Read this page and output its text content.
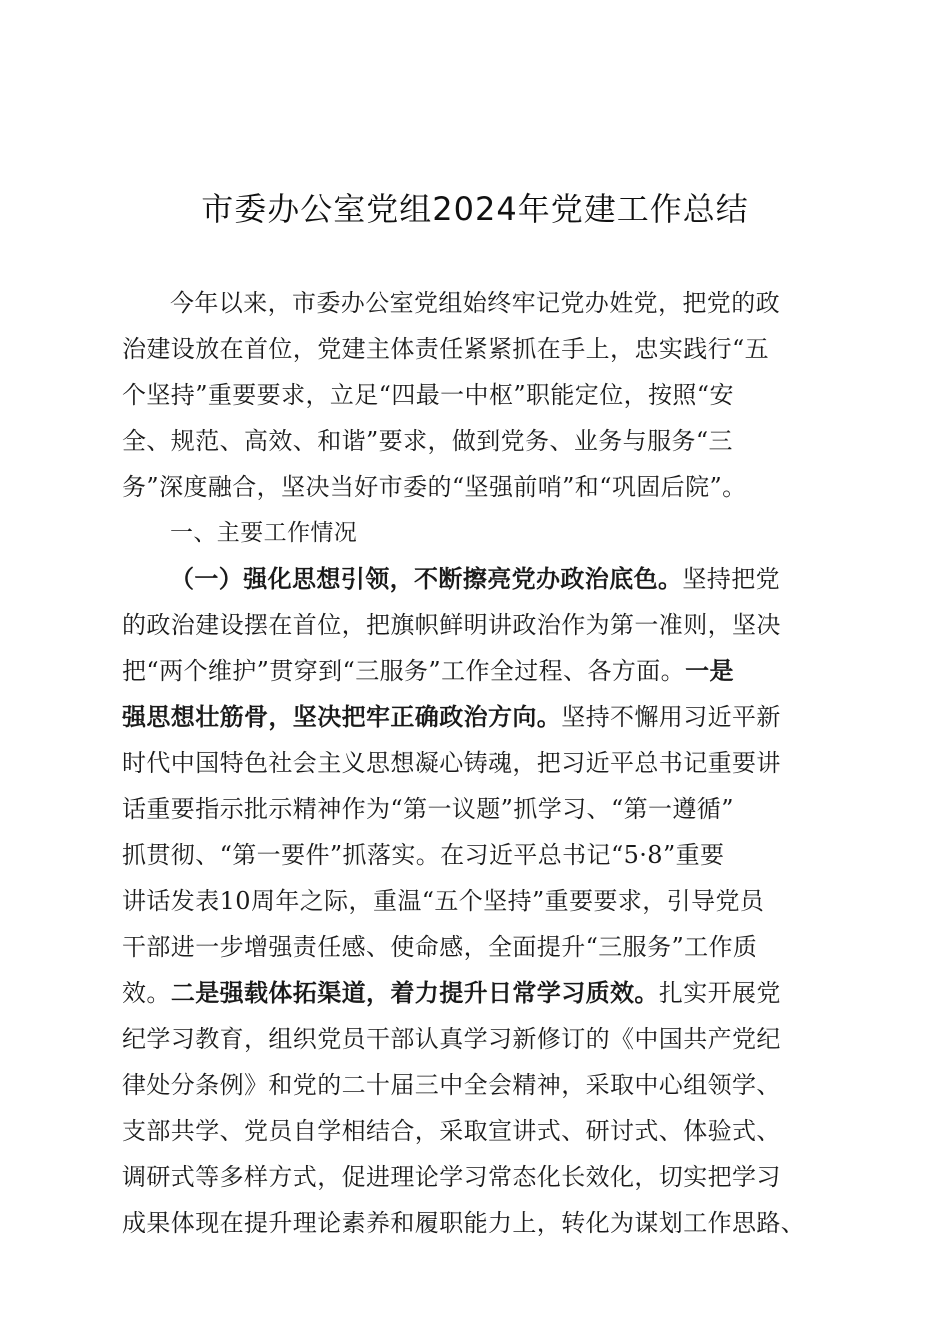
市委办公室党组2024年党建工作总结
今年以来，市委办公室党组始终牢记党办姓党，把党的政
治建设放在首位，党建主体责任紧紧抓在手上，忠实践行“五
个坚持”重要要求，立足“四最一中枢”职能定位，按照“安
全、规范、高效、和谐”要求，做到党务、业务与服务“三
务”深度融合，坚决当好市委的“坚强前哨”和“巩固后院”。
一、主要工作情况
（一）强化思想引领，不断擦亮党办政治底色。坚持把党
的政治建设摆在首位，把旗帜鲜明讲政治作为第一准则，坚决
把“两个维护”贯穿到“三服务”工作全过程、各方面。一是
强思想壮筋骨，坚决把牢正确政治方向。坚持不懈用习近平新
时代中国特色社会主义思想凝心铸魂，把习近平总书记重要讲
话重要指示批示精神作为“第一议题”抓学习、“第一遵循”
抓贯彻、“第一要件”抓落实。在习近平总书记“5·8”重要
讲话发表10周年之际，重温“五个坚持”重要要求，引导党员
干部进一步增强责任感、使命感，全面提升“三服务”工作质
效。二是强载体拓渠道，着力提升日常学习质效。扎实开展党
纪学习教育，组织党员干部认真学习新修订的《中国共产党纪
律处分条例》和党的二十届三中全会精神，采取中心组领学、
支部共学、党员自学相结合，采取宣讲式、研讨式、体验式、
调研式等多样方式，促进理论学习常态化长效化，切实把学习
成果体现在提升理论素养和履职能力上，转化为谋划工作思路、
